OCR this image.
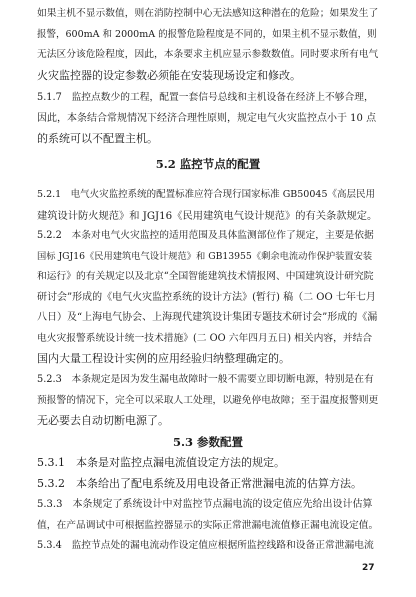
如果主机不显示数值，则在消防控制中心无法感知这种潜在的危险；如果发生了
报警，600mA 和 2000mA 的报警危险程度是不同的，如果主机不显示数值，则
无法区分该危险程度，因此，本条要求主机应显示参数数值。同时要求所有电气
火灾监控器的设定参数必须能在安装现场设定和修改。
5.1.7　监控点数少的工程，配置一套信号总线和主机设备在经济上不够合理，
因此，本条结合常规情况下经济合理性原则，规定电气火灾监控点小于 10 点
的系统可以不配置主机。
5.2 监控节点的配置
5.2.1　电气火灾监控系统的配置标准应符合现行国家标准 GB50045《高层民用
建筑设计防火规范》和 JGJ16《民用建筑电气设计规范》的有关条款规定。
5.2.2　本条对电气火灾监控的适用范围及具体监测部位作了规定，主要是依据
国标 JGJ16《民用建筑电气设计规范》和 GB13955《剩余电流动作保护装置安装
和运行》的有关规定以及北京“全国智能建筑技术情报网、中国建筑设计研究院
研讨会”形成的《电气火灾监控系统的设计方法》(暂行) 稿（二 OO 七年七月
八日）及“上海电气协会、上海现代建筑设计集团专题技术研讨会”形成的《漏
电火灾报警系统设计统一技术措施》(二 OO 六年四月五日) 相关内容，并结合
国内大量工程设计实例的应用经验归纳整理确定的。
5.2.3　本条规定是因为发生漏电故障时一般不需要立即切断电源，特别是在有
预报警的情况下，完全可以采取人工处理，以避免停电故障；至于温度报警则更
无必要去自动切断电源了。
5.3 参数配置
5.3.1　本条是对监控点漏电流值设定方法的规定。
5.3.2　本条给出了配电系统及用电设备正常泄漏电流的估算方法。
5.3.3　本条规定了系统设计中对监控节点漏电流的设定值应先给出设计估算
值，在产品调试中可根据监控器显示的实际正常泄漏电流值修正漏电流设定值。
5.3.4　监控节点处的漏电流动作设定值应根据所监控线路和设备正常泄漏电流
27
